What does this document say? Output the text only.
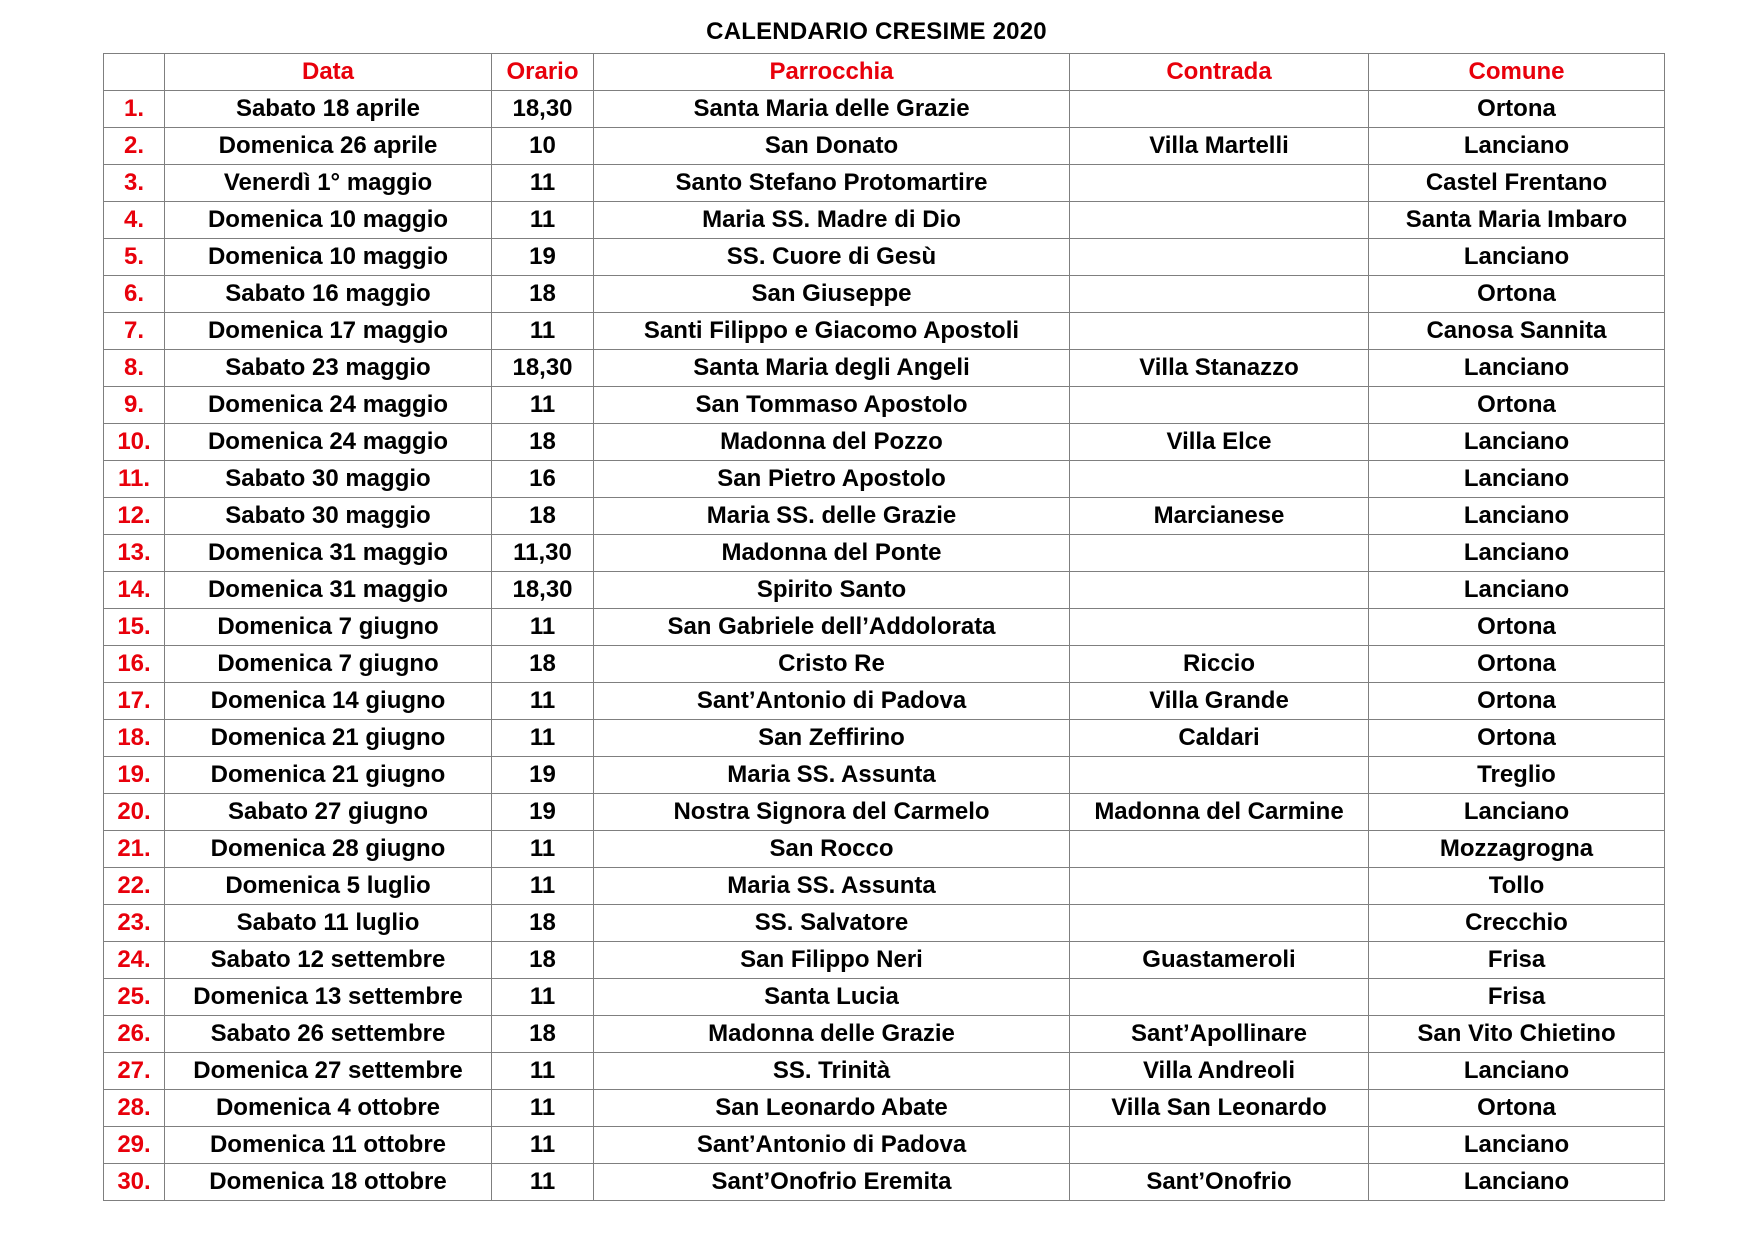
CALENDARIO CRESIME 2020
	Data	Orario	Parrocchia	Contrada	Comune
1.	Sabato 18 aprile	18,30	Santa Maria delle Grazie		Ortona
2.	Domenica 26 aprile	10	San Donato	Villa Martelli	Lanciano
3.	Venerdì 1° maggio	11	Santo Stefano Protomartire		Castel Frentano
4.	Domenica 10 maggio	11	Maria SS. Madre di Dio		Santa Maria Imbaro
5.	Domenica 10 maggio	19	SS. Cuore di Gesù		Lanciano
6.	Sabato 16 maggio	18	San Giuseppe		Ortona
7.	Domenica 17 maggio	11	Santi Filippo e Giacomo Apostoli		Canosa Sannita
8.	Sabato 23 maggio	18,30	Santa Maria degli Angeli	Villa Stanazzo	Lanciano
9.	Domenica 24 maggio	11	San Tommaso Apostolo		Ortona
10.	Domenica 24 maggio	18	Madonna del Pozzo	Villa Elce	Lanciano
11.	Sabato 30 maggio	16	San Pietro Apostolo		Lanciano
12.	Sabato 30 maggio	18	Maria SS. delle Grazie	Marcianese	Lanciano
13.	Domenica 31 maggio	11,30	Madonna del Ponte		Lanciano
14.	Domenica 31 maggio	18,30	Spirito Santo		Lanciano
15.	Domenica 7 giugno	11	San Gabriele dell’Addolorata		Ortona
16.	Domenica 7 giugno	18	Cristo Re	Riccio	Ortona
17.	Domenica 14 giugno	11	Sant’Antonio di Padova	Villa Grande	Ortona
18.	Domenica 21 giugno	11	San Zeffirino	Caldari	Ortona
19.	Domenica 21 giugno	19	Maria SS. Assunta		Treglio
20.	Sabato 27 giugno	19	Nostra Signora del Carmelo	Madonna del Carmine	Lanciano
21.	Domenica 28 giugno	11	San Rocco		Mozzagrogna
22.	Domenica 5 luglio	11	Maria SS. Assunta		Tollo
23.	Sabato 11 luglio	18	SS. Salvatore		Crecchio
24.	Sabato 12 settembre	18	San Filippo Neri	Guastameroli	Frisa
25.	Domenica 13 settembre	11	Santa Lucia		Frisa
26.	Sabato 26 settembre	18	Madonna delle Grazie	Sant’Apollinare	San Vito Chietino
27.	Domenica 27 settembre	11	SS. Trinità	Villa Andreoli	Lanciano
28.	Domenica 4 ottobre	11	San Leonardo Abate	Villa San Leonardo	Ortona
29.	Domenica 11 ottobre	11	Sant’Antonio di Padova		Lanciano
30.	Domenica 18 ottobre	11	Sant’Onofrio Eremita	Sant’Onofrio	Lanciano
